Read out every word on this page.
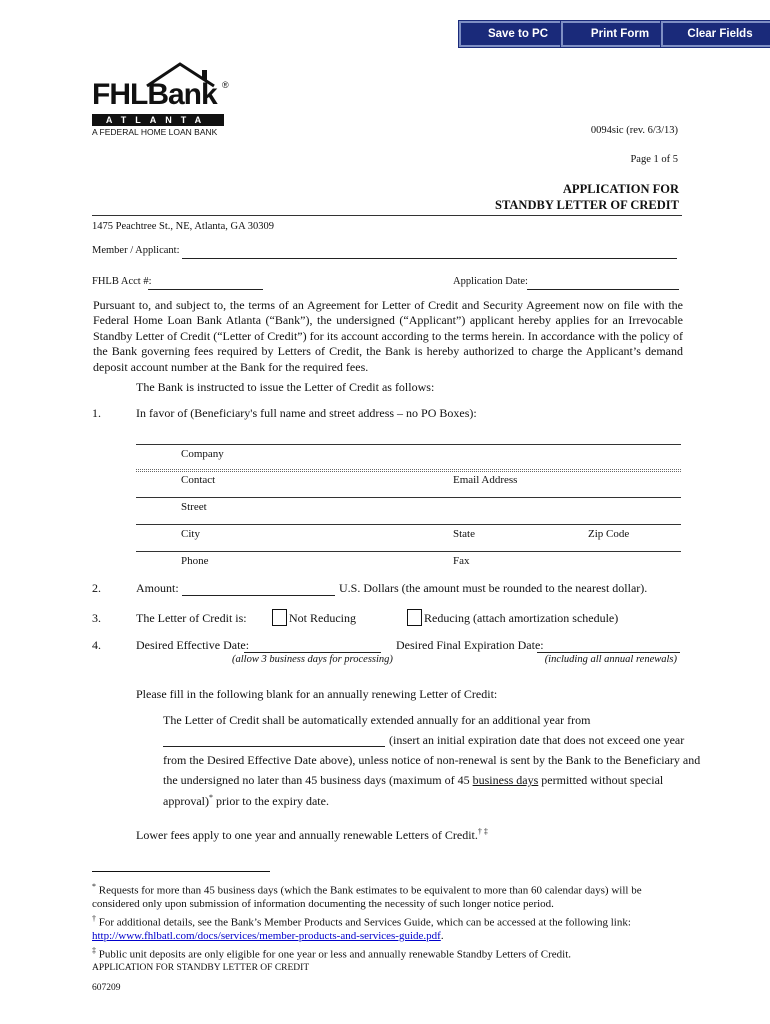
Save to PC	Print Form	Clear Fields
FHLBank ®
ATLANTA
A FEDERAL HOME LOAN BANK	0094sic (rev. 6/3/13)
Page 1 of 5
APPLICATION FOR
STANDBY LETTER OF CREDIT
1475 Peachtree St., NE, Atlanta, GA 30309
Member / Applicant:
FHLB Acct #:	Application Date:
Pursuant to, and subject to, the terms of an Agreement for Letter of Credit and Security Agreement now on file with the Federal Home Loan Bank Atlanta (“Bank”), the undersigned (“Applicant”) applicant hereby applies for an Irrevocable Standby Letter of Credit (“Letter of Credit”) for its account according to the terms herein. In accordance with the policy of the Bank governing fees required by Letters of Credit, the Bank is hereby authorized to charge the Applicant’s demand deposit account number at the Bank for the required fees.
The Bank is instructed to issue the Letter of Credit as follows:
1.	In favor of (Beneficiary's full name and street address – no PO Boxes):
Company
Contact	Email Address
Street
City	State	Zip Code
Phone	Fax
2.	Amount:	U.S. Dollars (the amount must be rounded to the nearest dollar).
3.	The Letter of Credit is:	Not Reducing	Reducing (attach amortization schedule)
4.	Desired Effective Date:
(allow 3 business days for processing)
Desired Final Expiration Date:
(including all annual renewals)
Please fill in the following blank for an annually renewing Letter of Credit:
The Letter of Credit shall be automatically extended annually for an additional year from
(insert an initial expiration date that does not exceed one year
from the Desired Effective Date above), unless notice of non-renewal is sent by the Bank to the Beneficiary and
the undersigned no later than 45 business days (maximum of 45 business days permitted without special
approval)* prior to the expiry date.
Lower fees apply to one year and annually renewable Letters of Credit.† ‡
* Requests for more than 45 business days (which the Bank estimates to be equivalent to more than 60 calendar days) will be considered only upon submission of information documenting the necessity of such longer notice period.
† For additional details, see the Bank’s Member Products and Services Guide, which can be accessed at the following link:
http://www.fhlbatl.com/docs/services/member-products-and-services-guide.pdf.
‡ Public unit deposits are only eligible for one year or less and annually renewable Standby Letters of Credit.
APPLICATION FOR STANDBY LETTER OF CREDIT
607209
